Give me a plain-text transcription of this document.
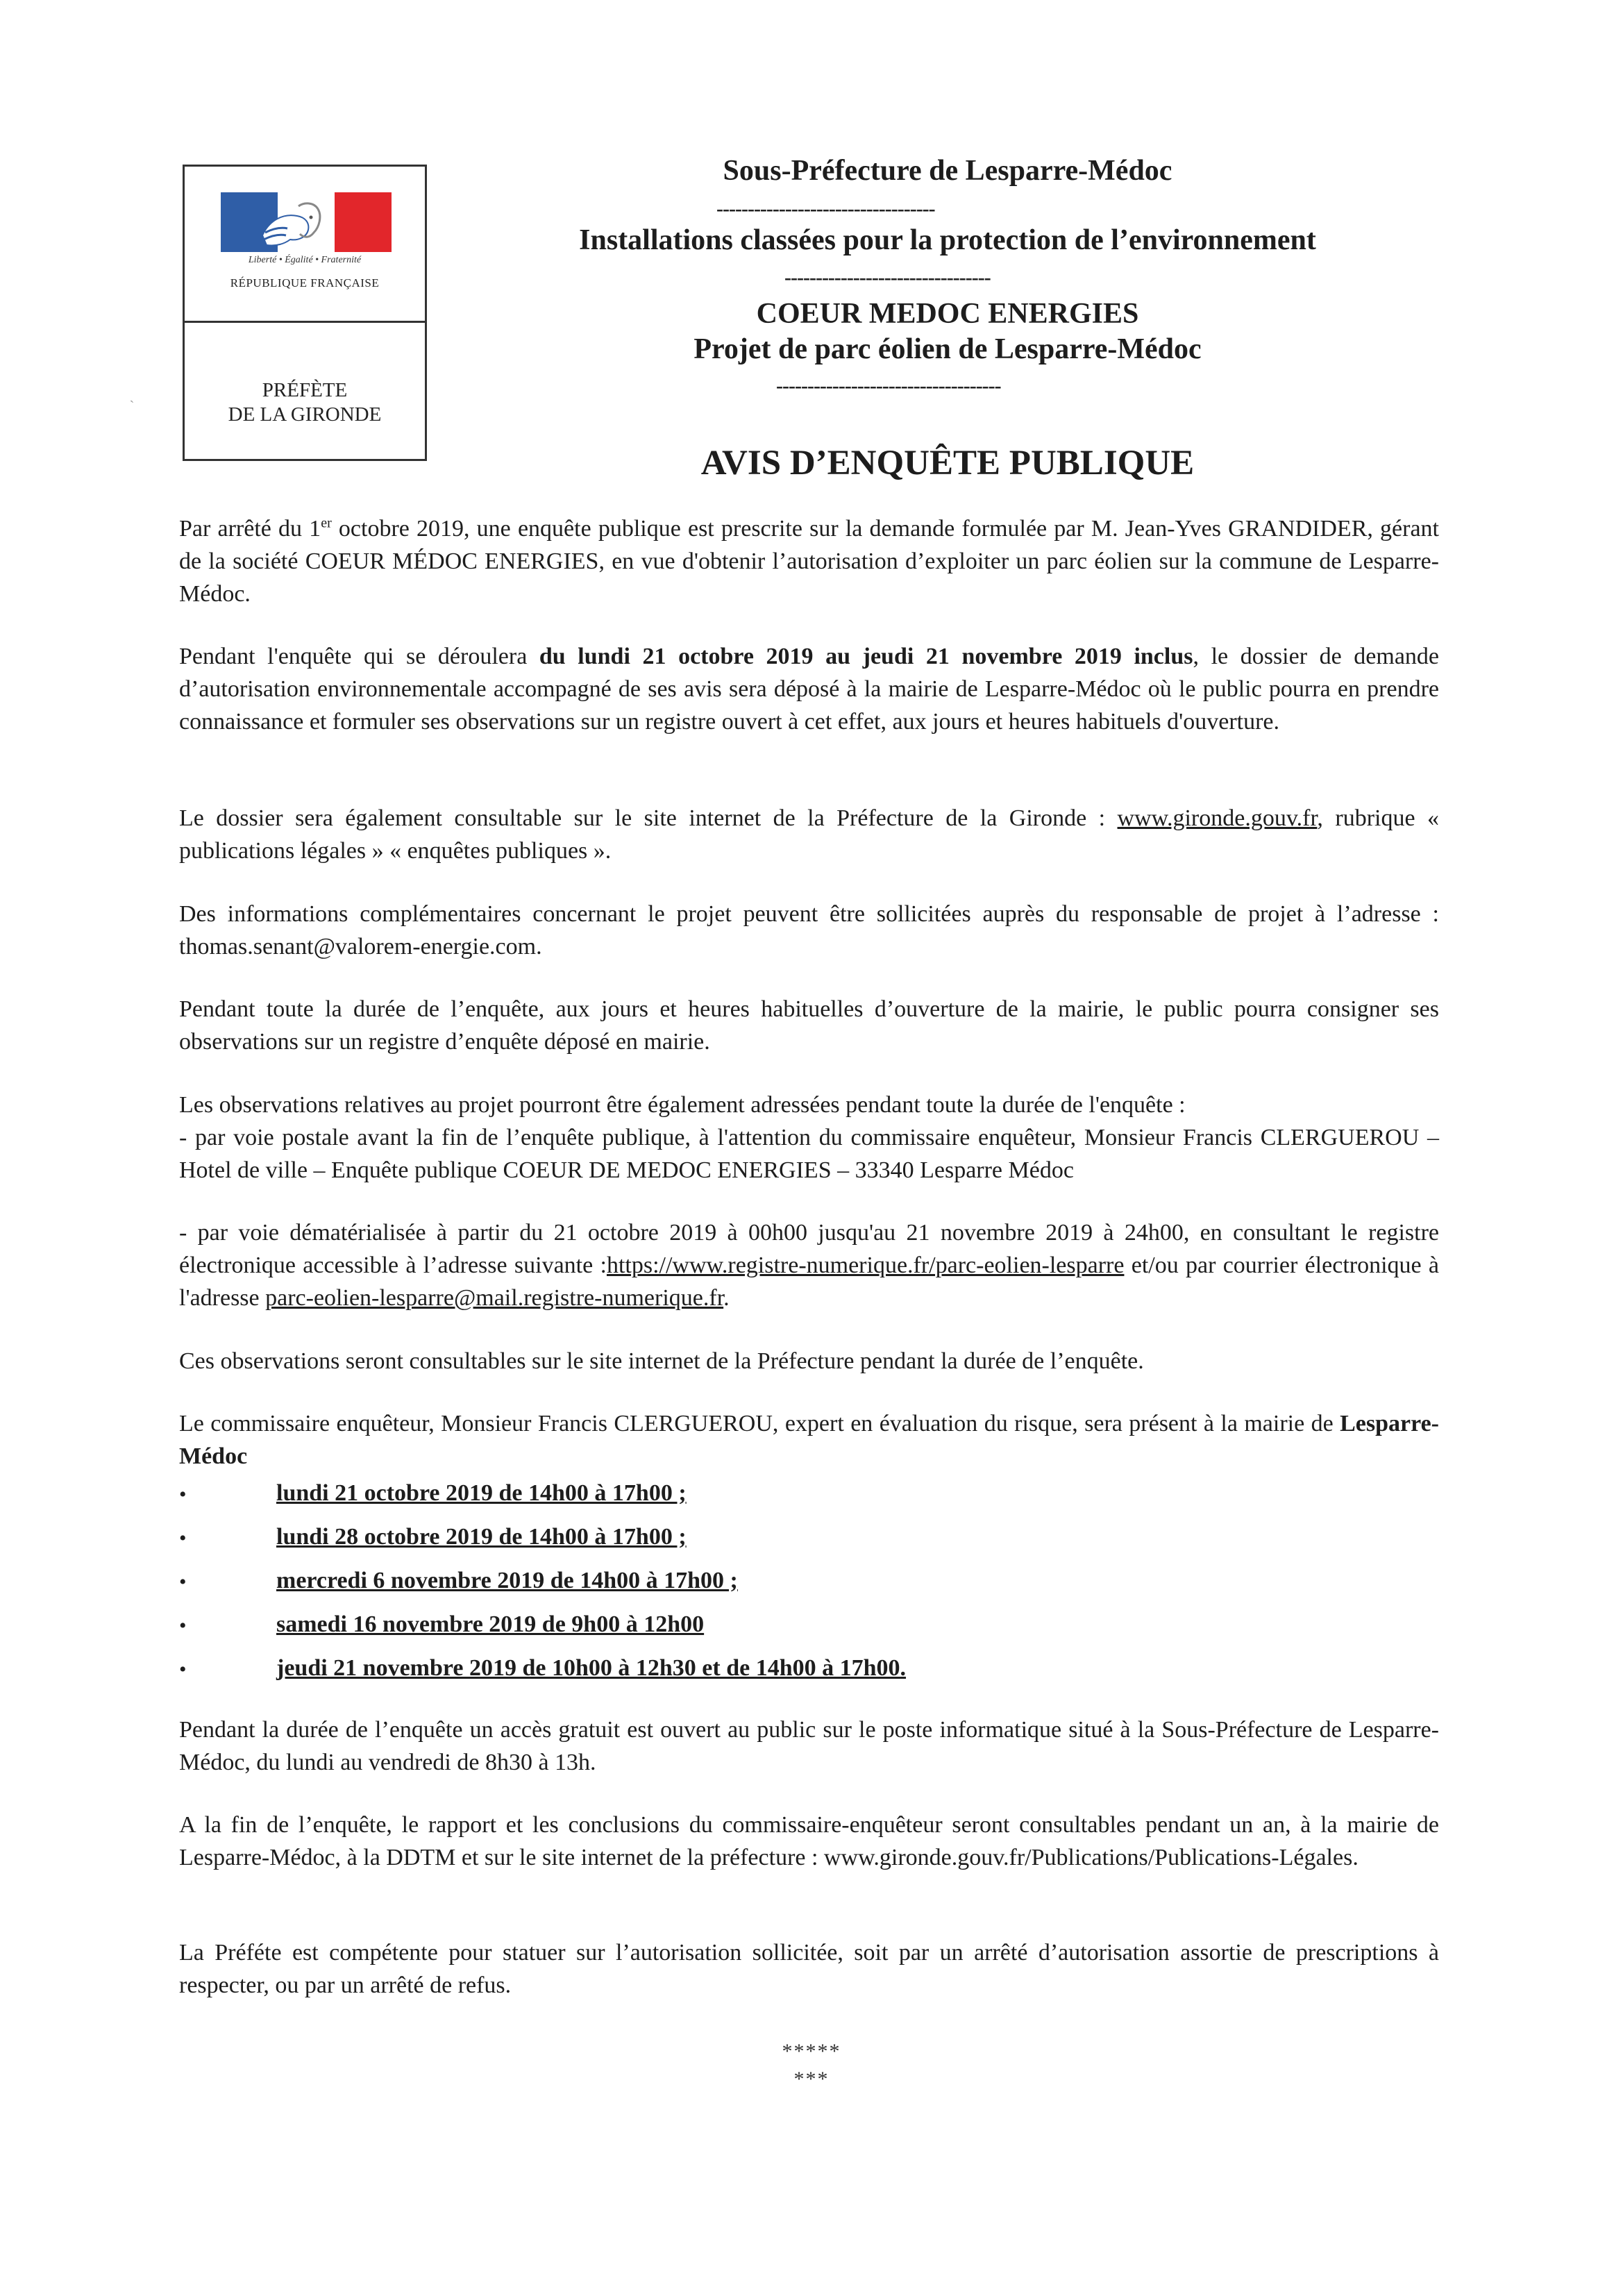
Liberté • Égalité • Fraternité
RÉPUBLIQUE FRANÇAISE
PRÉFÈTE
DE LA GIRONDE
Sous-Préfecture de Lesparre-Médoc
-----------------------------------
Installations classées pour la protection de l’environnement
---------------------------------
COEUR MEDOC ENERGIES
Projet de parc éolien de Lesparre-Médoc
------------------------------------
AVIS D’ENQUÊTE PUBLIQUE

Par arrêté du 1er octobre 2019, une enquête publique est prescrite sur la demande formulée par M. Jean-Yves GRANDIDER, gérant de la société COEUR MÉDOC ENERGIES, en vue d'obtenir l’autorisation d’exploiter un parc éolien sur la commune de Lesparre-Médoc.

Pendant l'enquête qui se déroulera du lundi 21 octobre 2019 au jeudi 21 novembre 2019 inclus, le dossier de demande d’autorisation environnementale accompagné de ses avis sera déposé à la mairie de Lesparre-Médoc où le public pourra en prendre connaissance et formuler ses observations sur un registre ouvert à cet effet, aux jours et heures habituels d'ouverture.

Le dossier sera également consultable sur le site internet de la Préfecture de la Gironde : www.gironde.gouv.fr, rubrique « publications légales » « enquêtes publiques ».

Des informations complémentaires concernant le projet peuvent être sollicitées auprès du responsable de projet à l’adresse : thomas.senant@valorem-energie.com.

Pendant toute la durée de l’enquête, aux jours et heures habituelles d’ouverture de la mairie, le public pourra consigner ses observations sur un registre d’enquête déposé en mairie.

Les observations relatives au projet pourront être également adressées pendant toute la durée de l'enquête :

- par voie postale avant la fin de l’enquête publique, à l'attention du commissaire enquêteur, Monsieur Francis CLERGUEROU – Hotel de ville – Enquête publique COEUR DE MEDOC ENERGIES – 33340 Lesparre Médoc

- par voie dématérialisée à partir du 21 octobre 2019 à 00h00 jusqu'au 21 novembre 2019 à 24h00, en consultant le registre électronique accessible à l’adresse suivante :https://www.registre-numerique.fr/parc-eolien-lesparre et/ou par courrier électronique à l'adresse parc-eolien-lesparre@mail.registre-numerique.fr.

Ces observations seront consultables sur le site internet de la Préfecture pendant la durée de l’enquête.

Le commissaire enquêteur, Monsieur Francis CLERGUEROU, expert en évaluation du risque, sera présent à la mairie de Lesparre-Médoc

•	lundi 21 octobre 2019 de 14h00 à 17h00 ;
•	lundi 28 octobre 2019 de 14h00 à 17h00 ;
•	mercredi 6 novembre 2019 de 14h00 à 17h00 ;
•	samedi 16 novembre 2019 de 9h00 à 12h00
•	jeudi 21 novembre 2019 de 10h00 à 12h30 et de 14h00 à 17h00.

Pendant la durée de l’enquête un accès gratuit est ouvert au public sur le poste informatique situé à la Sous-Préfecture de Lesparre-Médoc, du lundi au vendredi de 8h30 à 13h.

A la fin de l’enquête, le rapport et les conclusions du commissaire-enquêteur seront consultables pendant un an, à la mairie de Lesparre-Médoc, à la DDTM et sur le site internet de la préfecture : www.gironde.gouv.fr/Publications/Publications-Légales.

La Préféte est compétente pour statuer sur l’autorisation sollicitée, soit par un arrêté d’autorisation assortie de prescriptions à respecter, ou par un arrêté de refus.

*****
***
